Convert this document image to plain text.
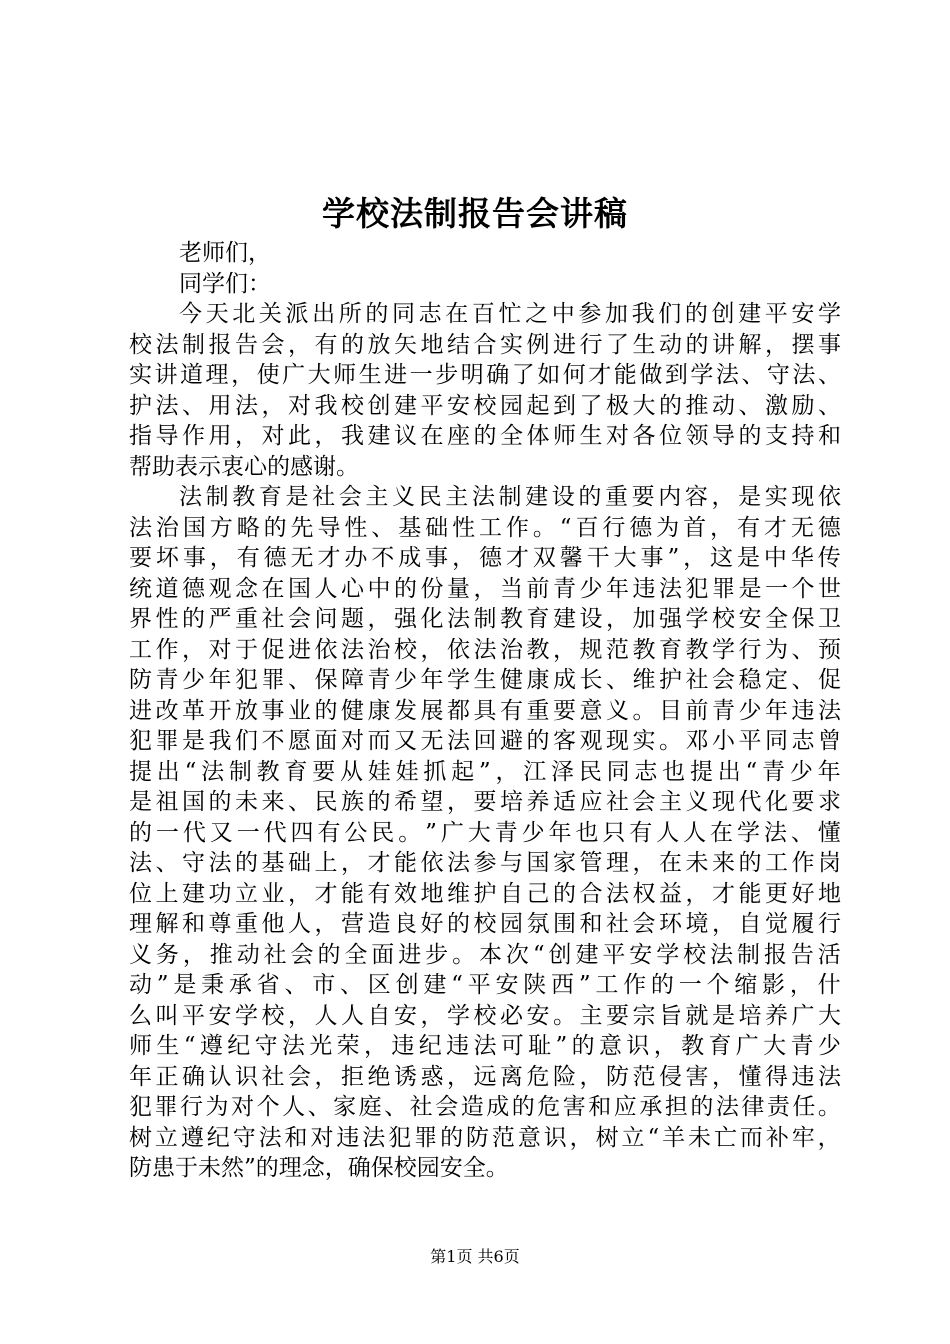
学校法制报告会讲稿
老师们，
同学们：
今 天 北 关 派 出 所 的 同 志 在 百 忙 之 中 参 加 我 们 的 创 建 平 安 学
校 法 制 报 告 会 ， 有 的 放 矢 地 结 合 实 例 进 行 了 生 动 的 讲 解 ， 摆 事
实 讲 道 理 ， 使 广 大 师 生 进 一 步 明 确 了 如 何 才 能 做 到 学 法 、 守 法 、
护 法 、 用 法 ， 对 我 校 创 建 平 安 校 园 起 到 了 极 大 的 推 动 、 激 励 、
指 导 作 用 ， 对 此 ， 我 建 议 在 座 的 全 体 师 生 对 各 位 领 导 的 支 持 和
帮助表示衷心的感谢。
法 制 教 育 是 社 会 主 义 民 主 法 制 建 设 的 重 要 内 容 ， 是 实 现 依
法 治 国 方 略 的 先 导 性 、 基 础 性 工 作 。 “ 百 行 德 为 首 ， 有 才 无 德
要 坏 事 ， 有 德 无 才 办 不 成 事 ， 德 才 双 馨 干 大 事 ” ， 这 是 中 华 传
统 道 德 观 念 在 国 人 心 中 的 份 量 ， 当 前 青 少 年 违 法 犯 罪 是 一 个 世
界 性 的 严 重 社 会 问 题 ， 强 化 法 制 教 育 建 设 ， 加 强 学 校 安 全 保 卫
工 作 ， 对 于 促 进 依 法 治 校 ， 依 法 治 教 ， 规 范 教 育 教 学 行 为 、 预
防 青 少 年 犯 罪 、 保 障 青 少 年 学 生 健 康 成 长 、 维 护 社 会 稳 定 、 促
进 改 革 开 放 事 业 的 健 康 发 展 都 具 有 重 要 意 义 。 目 前 青 少 年 违 法
犯 罪 是 我 们 不 愿 面 对 而 又 无 法 回 避 的 客 观 现 实 。 邓 小 平 同 志 曾
提 出 “ 法 制 教 育 要 从 娃 娃 抓 起 ” ， 江 泽 民 同 志 也 提 出 “ 青 少 年
是 祖 国 的 未 来 、 民 族 的 希 望 ， 要 培 养 适 应 社 会 主 义 现 代 化 要 求
的 一 代 又 一 代 四 有 公 民 。 ” 广 大 青 少 年 也 只 有 人 人 在 学 法 、 懂
法 、 守 法 的 基 础 上 ， 才 能 依 法 参 与 国 家 管 理 ， 在 未 来 的 工 作 岗
位 上 建 功 立 业 ， 才 能 有 效 地 维 护 自 己 的 合 法 权 益 ， 才 能 更 好 地
理 解 和 尊 重 他 人 ， 营 造 良 好 的 校 园 氛 围 和 社 会 环 境 ， 自 觉 履 行
义 务 ， 推 动 社 会 的 全 面 进 步 。 本 次 “ 创 建 平 安 学 校 法 制 报 告 活
动 ” 是 秉 承 省 、 市 、 区 创 建 “ 平 安 陕 西 ” 工 作 的 一 个 缩 影 ， 什
么 叫 平 安 学 校 ， 人 人 自 安 ， 学 校 必 安 。 主 要 宗 旨 就 是 培 养 广 大
师 生 “ 遵 纪 守 法 光 荣 ， 违 纪 违 法 可 耻 ” 的 意 识 ， 教 育 广 大 青 少
年 正 确 认 识 社 会 ， 拒 绝 诱 惑 ， 远 离 危 险 ， 防 范 侵 害 ， 懂 得 违 法
犯 罪 行 为 对 个 人 、 家 庭 、 社 会 造 成 的 危 害 和 应 承 担 的 法 律 责 任 。
树 立 遵 纪 守 法 和 对 违 法 犯 罪 的 防 范 意 识 ， 树 立 “ 羊 未 亡 而 补 牢 ，
防患于未然”的理念，确保校园安全。
第1页 共6页
